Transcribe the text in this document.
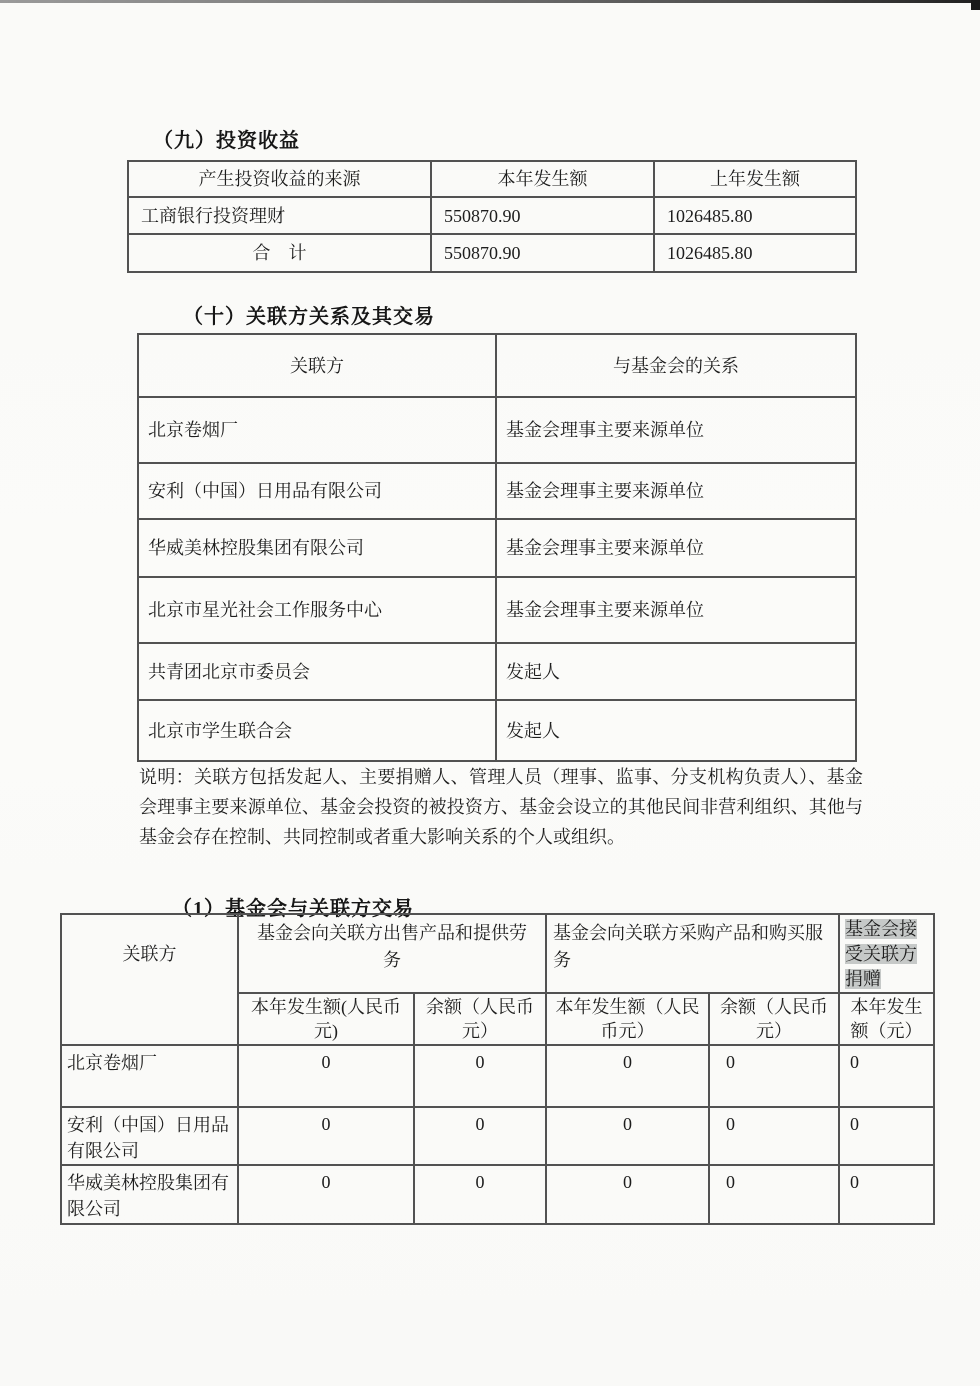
（九）投资收益
产生投资收益的来源	本年发生额	上年发生额
工商银行投资理财	550870.90	1026485.80
合　计	550870.90	1026485.80
（十）关联方关系及其交易
关联方	与基金会的关系
北京卷烟厂	基金会理事主要来源单位
安利（中国）日用品有限公司	基金会理事主要来源单位
华威美林控股集团有限公司	基金会理事主要来源单位
北京市星光社会工作服务中心	基金会理事主要来源单位
共青团北京市委员会	发起人
北京市学生联合会	发起人
说明：关联方包括发起人、主要捐赠人、管理人员（理事、监事、分支机构负责人）、基金会理事主要来源单位、基金会投资的被投资方、基金会设立的其他民间非营利组织、其他与基金会存在控制、共同控制或者重大影响关系的个人或组织。
（1）基金会与关联方交易
关联方	基金会向关联方出售产品和提供劳务		基金会向关联方采购产品和购买服务		基金会接受关联方捐赠
	本年发生额(人民币元)	余额（人民币元）	本年发生额（人民币元）	余额（人民币元）	本年发生额（元）
北京卷烟厂	0	0	0	0	0
安利（中国）日用品有限公司	0	0	0	0	0
华威美林控股集团有限公司	0	0	0	0	0
